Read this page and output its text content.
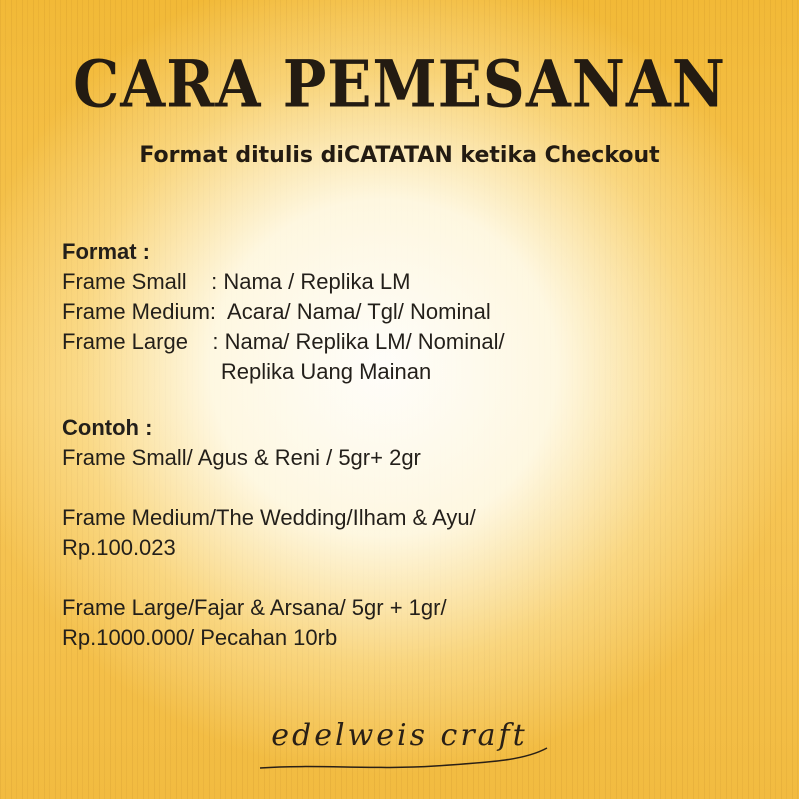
CARA PEMESANAN
Format ditulis diCATATAN ketika Checkout
Format :
Frame Small    : Nama / Replika LM
Frame Medium:  Acara/ Nama/ Tgl/ Nominal
Frame Large    : Nama/ Replika LM/ Nominal/
Replika Uang Mainan
Contoh :
Frame Small/ Agus & Reni / 5gr+ 2gr
Frame Medium/The Wedding/Ilham & Ayu/
Rp.100.023
Frame Large/Fajar & Arsana/ 5gr + 1gr/
Rp.1000.000/ Pecahan 10rb
edelweis craft
